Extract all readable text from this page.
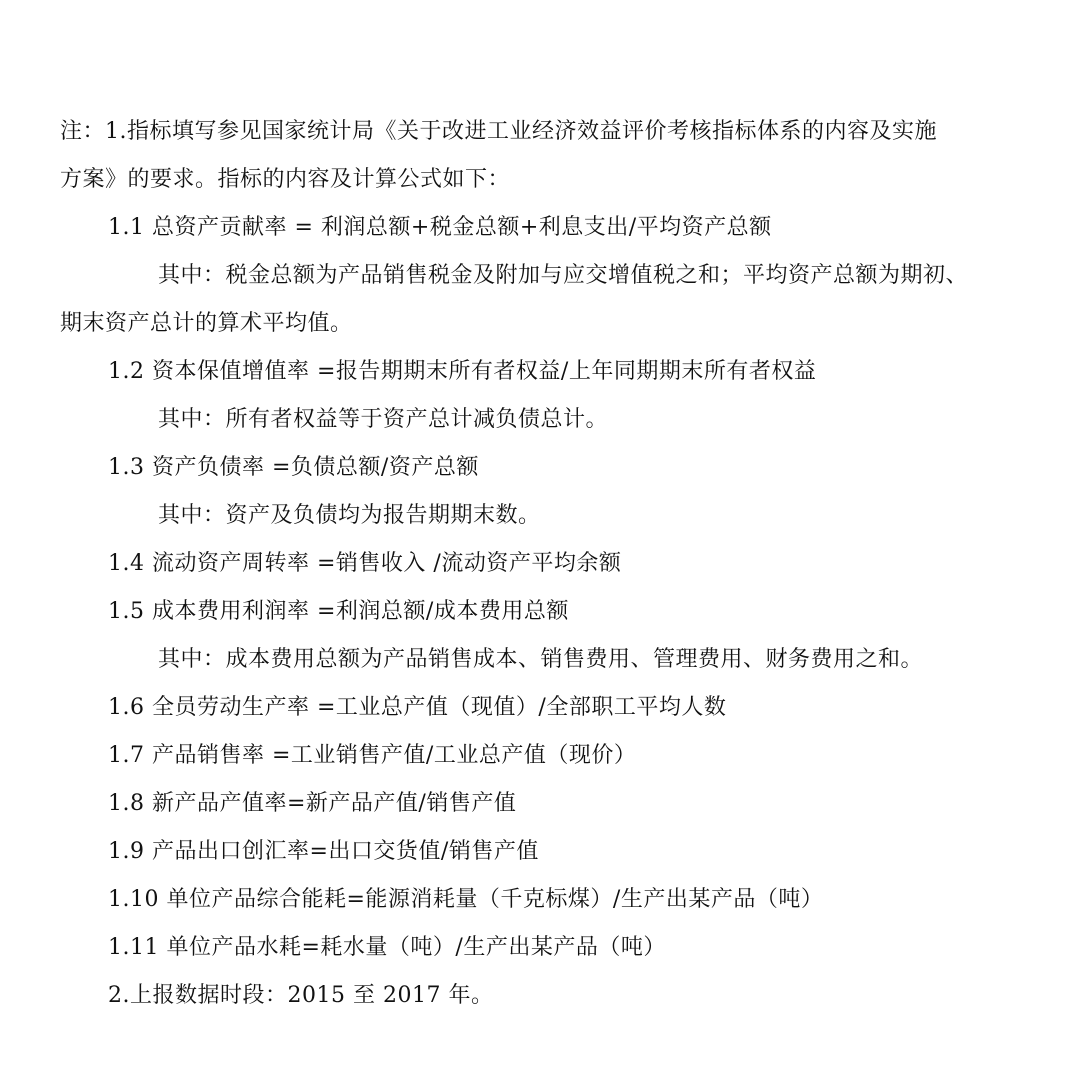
注：1.指标填写参见国家统计局《关于改进工业经济效益评价考核指标体系的内容及实施
方案》的要求。指标的内容及计算公式如下：
1.1 总资产贡献率 = 利润总额+税金总额+利息支出/平均资产总额
其中：税金总额为产品销售税金及附加与应交增值税之和；平均资产总额为期初、
期末资产总计的算术平均值。
1.2 资本保值增值率 =报告期期末所有者权益/上年同期期末所有者权益
其中：所有者权益等于资产总计减负债总计。
1.3 资产负债率 =负债总额/资产总额
其中：资产及负债均为报告期期末数。
1.4 流动资产周转率 =销售收入 /流动资产平均余额
1.5 成本费用利润率 =利润总额/成本费用总额
其中：成本费用总额为产品销售成本、销售费用、管理费用、财务费用之和。
1.6 全员劳动生产率 =工业总产值（现值）/全部职工平均人数
1.7 产品销售率 =工业销售产值/工业总产值（现价）
1.8 新产品产值率=新产品产值/销售产值
1.9 产品出口创汇率=出口交货值/销售产值
1.10 单位产品综合能耗=能源消耗量（千克标煤）/生产出某产品（吨）
1.11 单位产品水耗=耗水量（吨）/生产出某产品（吨）
2.上报数据时段：2015 至 2017 年。
